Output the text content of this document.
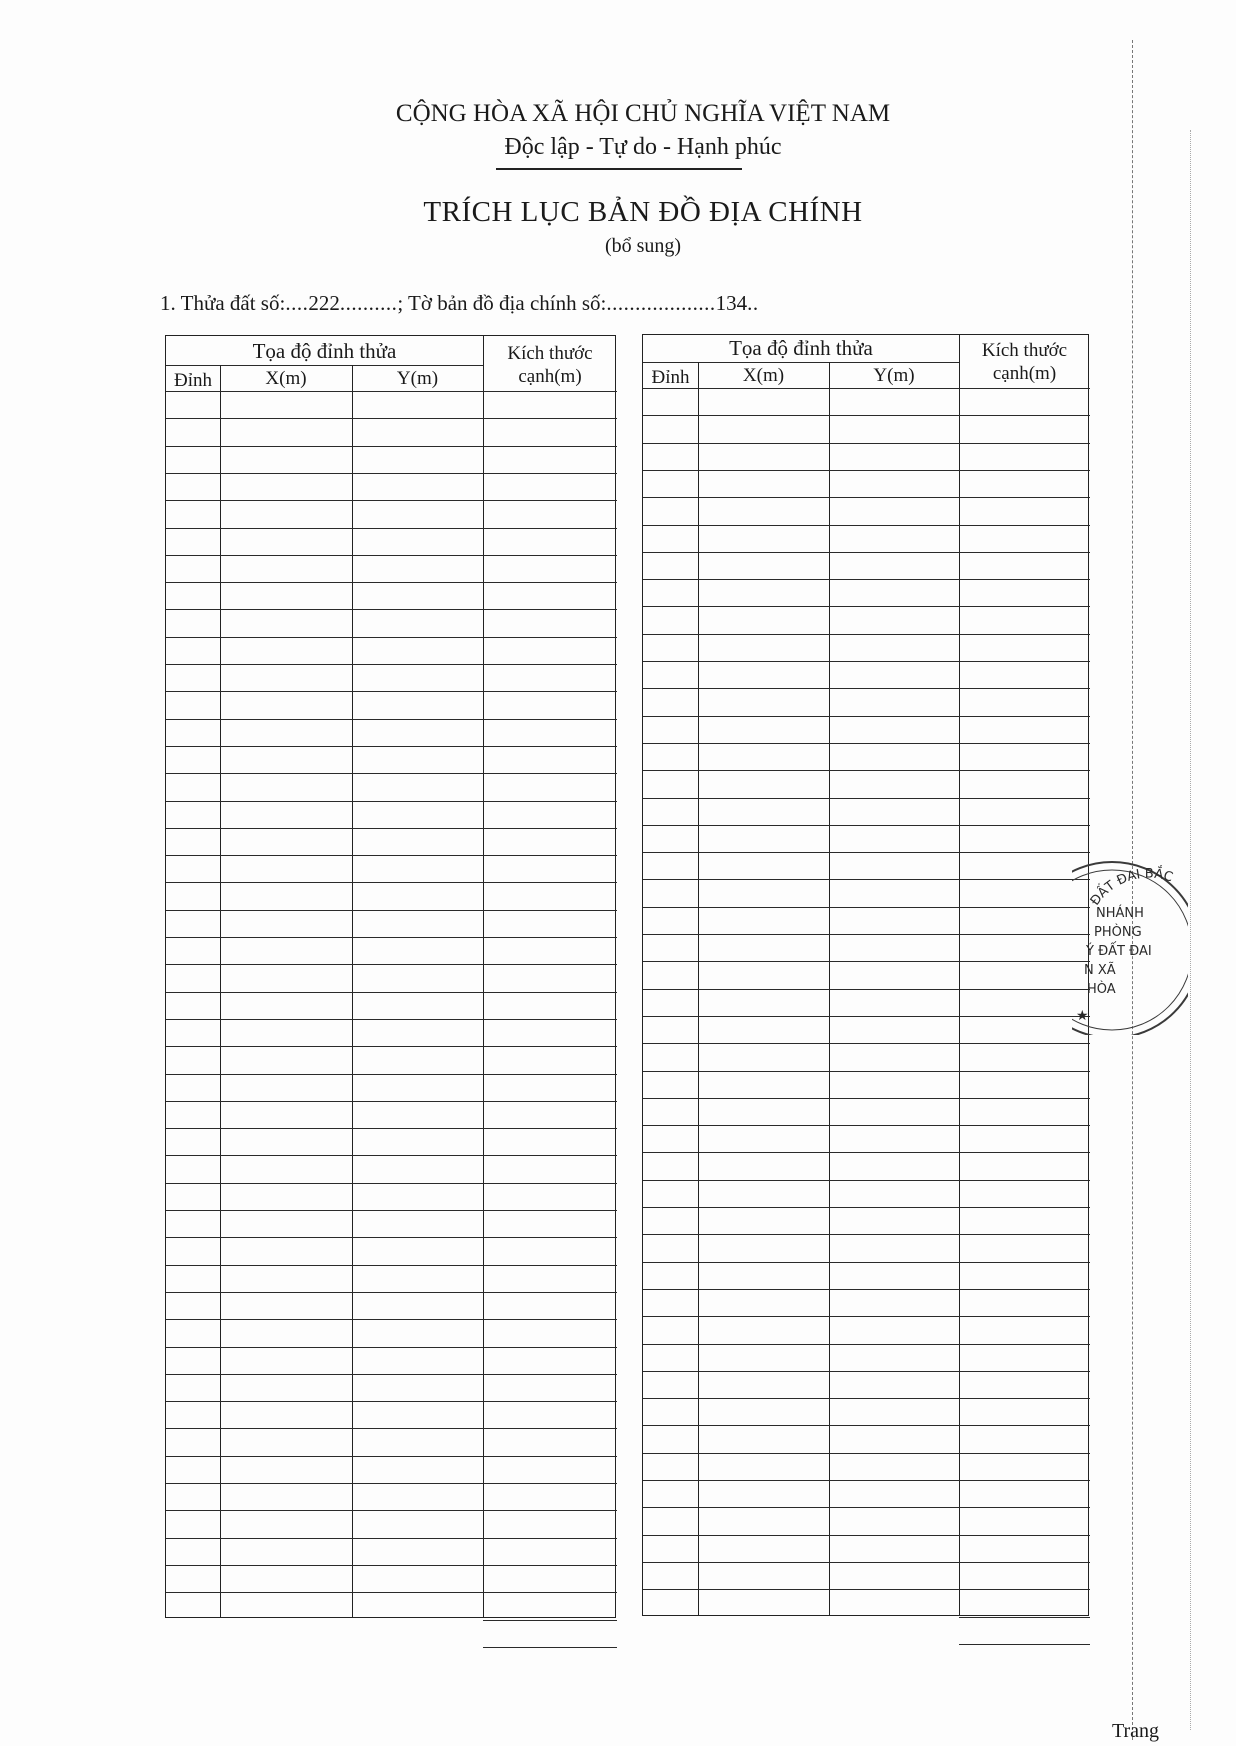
CỘNG HÒA XÃ HỘI CHỦ NGHĨA VIỆT NAM
Độc lập - Tự do - Hạnh phúc
TRÍCH LỤC BẢN ĐỒ ĐỊA CHÍNH
(bổ sung)
1. Thửa đất số:....222..........; Tờ bản đồ địa chính số:...................134..
Tọa độ đỉnh thửa
Đỉnh	X(m)	Y(m)
Kích thước
cạnh(m)
Tọa độ đỉnh thửa
Đỉnh	X(m)	Y(m)
Kích thước
cạnh(m)
ĐẤT ĐAI BẮC
NHÁNH
PHÒNG
Ý ĐẤT ĐAI
N XÃ
HÒA
★
Trang
